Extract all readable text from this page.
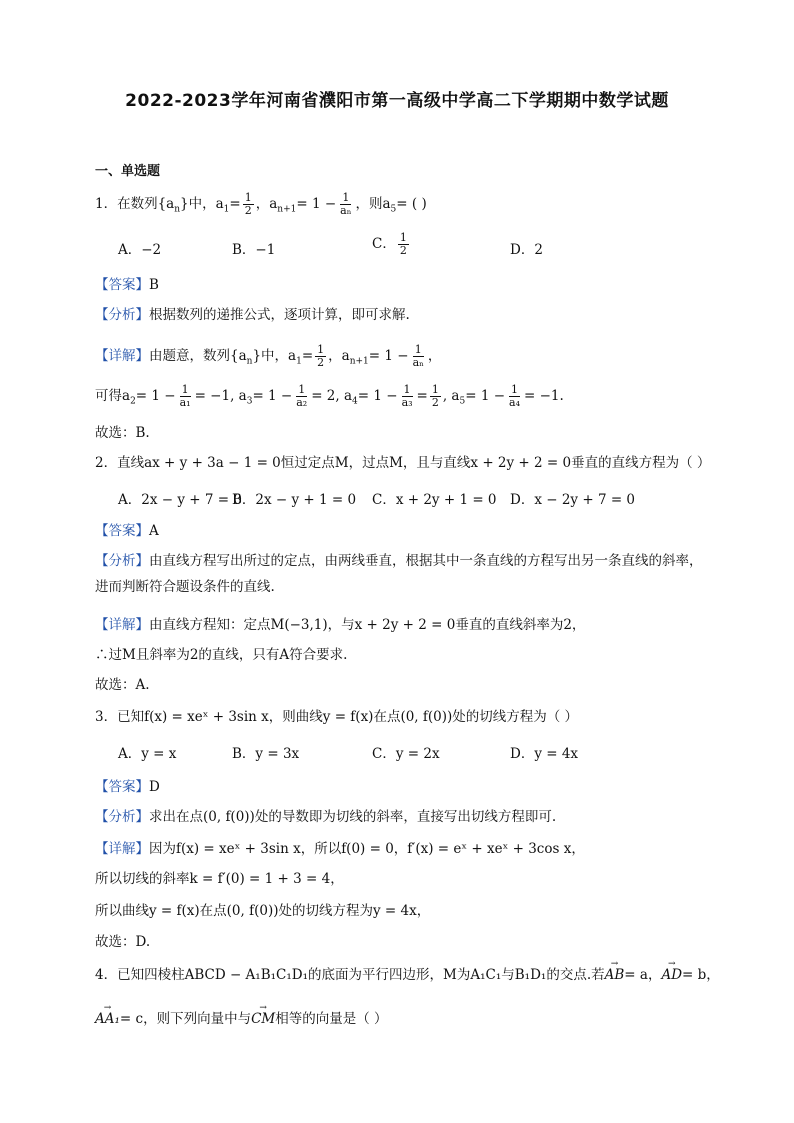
2022-2023学年河南省濮阳市第一高级中学高二下学期期中数学试题
一、单选题
1．在数列$\{a_n\}$中，$a_1= \frac{1}{2}$ ，$a_{n+1}= 1 - \frac{1}{\text{aₙ}}$ ，则$a_5=$ ( )
A．−2	B．−1	C． $\frac{1}{2}$	D．2
【答案】B
【分析】根据数列的递推公式，逐项计算，即可求解.
【详解】由题意，数列$\{a_n\}$中，$a_1= \frac{1}{2}$ ，$a_{n+1}= 1 - \frac{1}{\text{aₙ}}$ ，
可得$a_2= 1 - \frac{1}{\text{a₁}} = -1$, $a_3= 1 - \frac{1}{\text{a₂}} = 2$, $a_4= 1 - \frac{1}{\text{a₃}} = \frac{1}{2}$ , $a_5= 1 - \frac{1}{\text{a₄}} = -1$.
故选：B.
2．直线ax + y + 3a − 1 = 0恒过定点M，过点M，且与直线x + 2y + 2 = 0垂直的直线方程为（ ）
A．2x − y + 7 = 0
B．2x − y + 1 = 0 C．x + 2y + 1 = 0 D．x − 2y + 7 = 0
【答案】A
【分析】由直线方程写出所过的定点，由两线垂直，根据其中一条直线的方程写出另一条直线的斜率，进而判断符合题设条件的直线.
【详解】由直线方程知：定点M(−3,1)，与x + 2y + 2 = 0垂直的直线斜率为2，
∴过M且斜率为2的直线，只有A符合要求.
故选：A.
3．已知f(x) = xeˣ + 3sin x，则曲线y = f(x)在点(0, f(0))处的切线方程为（ ）
A．y = x	B．y = 3x	C．y = 2x	D．y = 4x
【答案】D
【分析】求出在点(0, f(0))处的导数即为切线的斜率，直接写出切线方程即可.
【详解】因为f(x) = xeˣ + 3sin x，所以f(0) = 0，f′(x) = eˣ + xeˣ + 3cos x，
所以切线的斜率k = f′(0) = 1 + 3 = 4，
所以曲线y = f(x)在点(0, f(0))处的切线方程为y = 4x，
故选：D.
4．已知四棱柱ABCD − A₁B₁C₁D₁的底面为平行四边形，M为A₁C₁与B₁D₁的交点.若→ AB= a，→ AD= b，
→ AA₁= c，则下列向量中与→ CM相等的向量是（ ）
